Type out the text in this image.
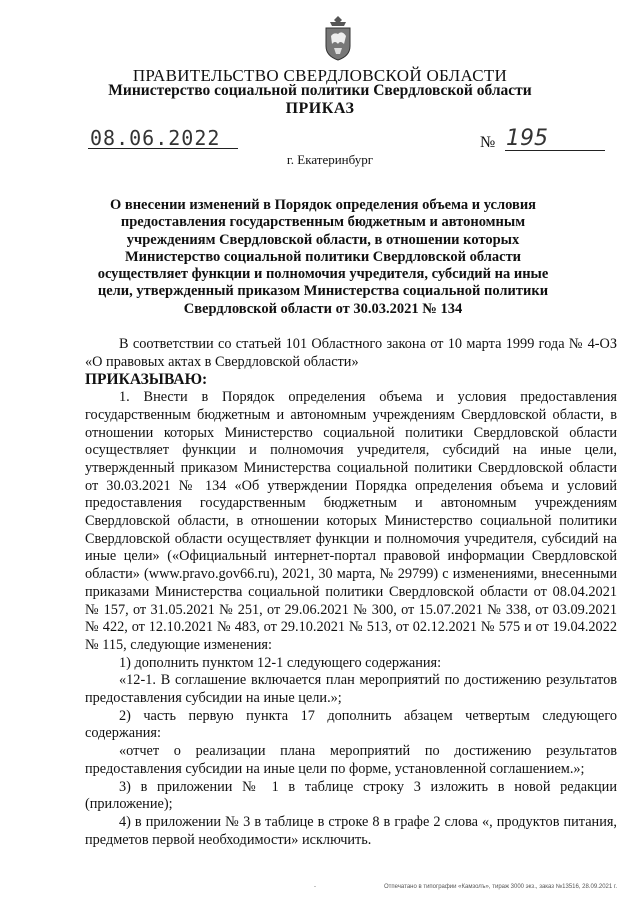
ПРАВИТЕЛЬСТВО СВЕРДЛОВСКОЙ ОБЛАСТИ
Министерство социальной политики Свердловской области
ПРИКАЗ
08.06.2022	№ 195
г. Екатеринбург
О внесении изменений в Порядок определения объема и условия предоставления государственным бюджетным и автономным учреждениям Свердловской области, в отношении которых Министерство социальной политики Свердловской области осуществляет функции и полномочия учредителя, субсидий на иные цели, утвержденный приказом Министерства социальной политики Свердловской области от 30.03.2021 № 134

В соответствии со статьей 101 Областного закона от 10 марта 1999 года № 4-ОЗ «О правовых актах в Свердловской области»

ПРИКАЗЫВАЮ:

1. Внести в Порядок определения объема и условия предоставления государственным бюджетным и автономным учреждениям Свердловской области, в отношении которых Министерство социальной политики Свердловской области осуществляет функции и полномочия учредителя, субсидий на иные цели, утвержденный приказом Министерства социальной политики Свердловской области от 30.03.2021 № 134 «Об утверждении Порядка определения объема и условий предоставления государственным бюджетным и автономным учреждениям Свердловской области, в отношении которых Министерство социальной политики Свердловской области осуществляет функции и полномочия учредителя, субсидий на иные цели» («Официальный интернет-портал правовой информации Свердловской области» (www.pravo.gov66.ru), 2021, 30 марта, № 29799) с изменениями, внесенными приказами Министерства социальной политики Свердловской области от 08.04.2021 № 157, от 31.05.2021 № 251, от 29.06.2021 № 300, от 15.07.2021 № 338, от 03.09.2021 № 422, от 12.10.2021 № 483, от 29.10.2021 № 513, от 02.12.2021 № 575 и от 19.04.2022 № 115, следующие изменения:

1) дополнить пунктом 12-1 следующего содержания:

«12-1. В соглашение включается план мероприятий по достижению результатов предоставления субсидии на иные цели.»;

2) часть первую пункта 17 дополнить абзацем четвертым следующего содержания:

«отчет о реализации плана мероприятий по достижению результатов предоставления субсидии на иные цели по форме, установленной соглашением.»;

3) в приложении № 1 в таблице строку 3 изложить в новой редакции (приложение);

4) в приложении № 3 в таблице в строке 8 в графе 2 слова «, продуктов питания, предметов первой необходимости» исключить.

.	Отпечатано в типографии «Камзолъ», тираж 3000 экз., заказ №13516, 28.09.2021 г.
